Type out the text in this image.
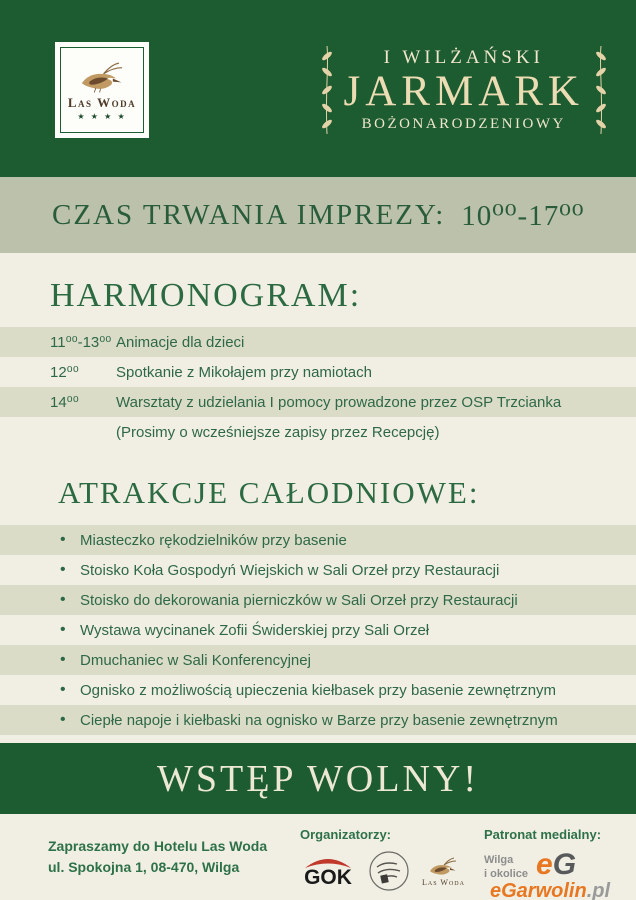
Las Woda
★ ★ ★ ★
I WILŻAŃSKI
JARMARK
BOŻONARODZENIOWY
CZAS TRWANIA IMPREZY: 10⁰⁰-17⁰⁰
HARMONOGRAM:
11⁰⁰-13⁰⁰ Animacje dla dzieci
12⁰⁰	Spotkanie z Mikołajem przy namiotach
14⁰⁰	Warsztaty z udzielania I pomocy prowadzone przez OSP Trzcianka
(Prosimy o wcześniejsze zapisy przez Recepcję)
ATRAKCJE CAŁODNIOWE:
•
Miasteczko rękodzielników przy basenie
•
Stoisko Koła Gospodyń Wiejskich w Sali Orzeł przy Restauracji
•
Stoisko do dekorowania pierniczków w Sali Orzeł przy Restauracji
•
Wystawa wycinanek Zofii Świderskiej przy Sali Orzeł
•
Dmuchaniec w Sali Konferencyjnej
•
Ognisko z możliwością upieczenia kiełbasek przy basenie zewnętrznym
•
Ciepłe napoje i kiełbaski na ognisko w Barze przy basenie zewnętrznym
WSTĘP WOLNY!
Zapraszamy do Hotelu Las Woda
ul. Spokojna 1, 08-470, Wilga
Organizatorzy:
GOK	Las Woda
Patronat medialny:
Wilga
i okolice eG
eGarwolin.pl
